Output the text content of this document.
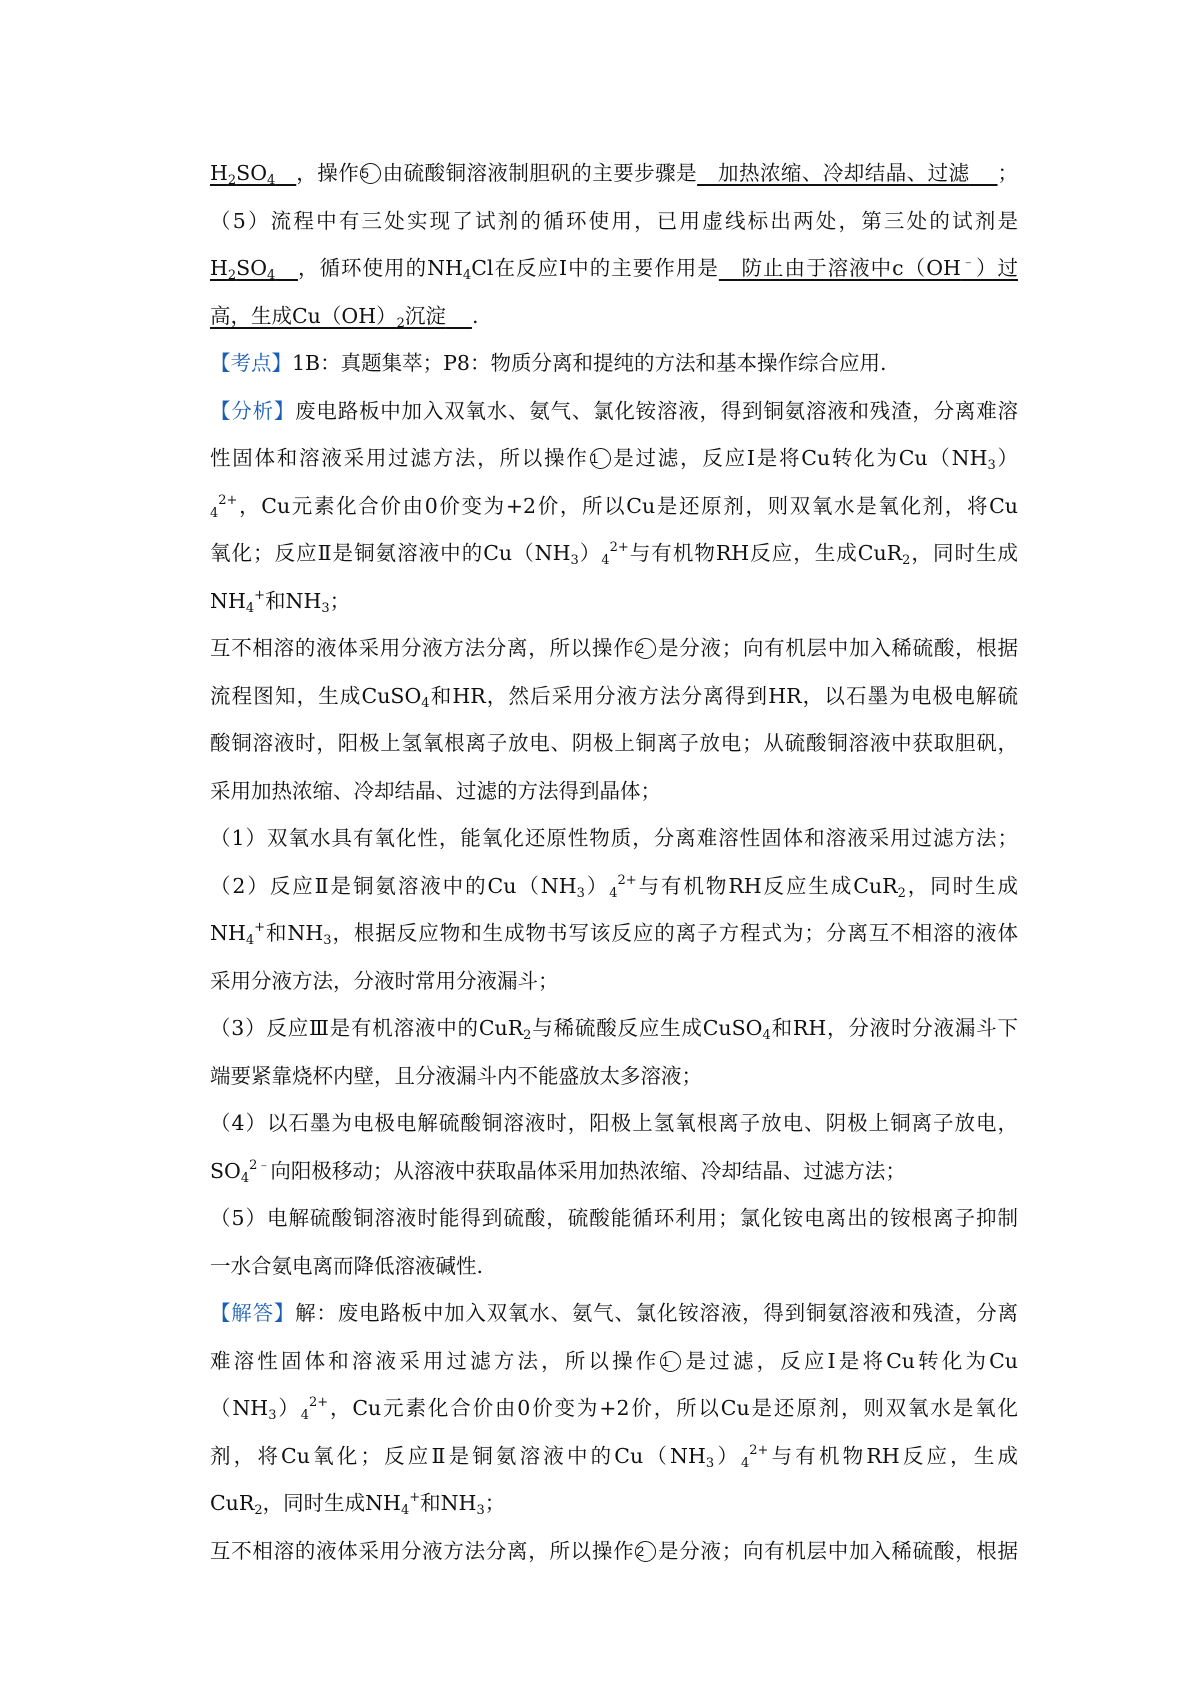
$H_2SO_4$ ，操作 5 由硫酸铜溶液制胆矾的主要步骤是 加热浓缩、冷却结晶、过滤 ；
（5）流程中有三处实现了试剂的循环使用，已用虚线标出两处，第三处的试剂是
$H_2SO_4$ ，循环使用的$NH_4Cl$在反应Ⅰ中的主要作用是 防止由于溶液中c（OH﹣）过
高，生成$Cu(OH)_2$沉淀 .
【考点】1B：真题集萃；P8：物质分离和提纯的方法和基本操作综合应用.
【分析】废电路板中加入双氧水、氨气、氯化铵溶液，得到铜氨溶液和残渣，分离难溶
性固体和溶液采用过滤方法，所以操作 1 是过滤，反应Ⅰ是将Cu转化为$Cu(NH_3)$
$_4^{2+}$，Cu元素化合价由0价变为+2价，所以Cu是还原剂，则双氧水是氧化剂，将Cu
氧化；反应Ⅱ是铜氨溶液中的$Cu(NH_3)_4^{2+}$与有机物RH反应，生成CuR$_2$，同时生成
$NH_4^+$和$NH_3$；
互不相溶的液体采用分液方法分离，所以操作 2 是分液；向有机层中加入稀硫酸，根据
流程图知，生成CuSO$_4$和HR，然后采用分液方法分离得到HR，以石墨为电极电解硫
酸铜溶液时，阳极上氢氧根离子放电、阴极上铜离子放电；从硫酸铜溶液中获取胆矾，
采用加热浓缩、冷却结晶、过滤的方法得到晶体；
（1）双氧水具有氧化性，能氧化还原性物质，分离难溶性固体和溶液采用过滤方法；
（2）反应Ⅱ是铜氨溶液中的$Cu(NH_3)_4^{2+}$与有机物RH反应生成CuR$_2$，同时生成
$NH_4^+$和$NH_3$，根据反应物和生成物书写该反应的离子方程式为；分离互不相溶的液体
采用分液方法，分液时常用分液漏斗；
（3）反应Ⅲ是有机溶液中的CuR$_2$与稀硫酸反应生成CuSO$_4$和RH，分液时分液漏斗下
端要紧靠烧杯内壁，且分液漏斗内不能盛放太多溶液；
（4）以石墨为电极电解硫酸铜溶液时，阳极上氢氧根离子放电、阴极上铜离子放电，
$SO_4^{2﹣}$向阳极移动；从溶液中获取晶体采用加热浓缩、冷却结晶、过滤方法；
（5）电解硫酸铜溶液时能得到硫酸，硫酸能循环利用；氯化铵电离出的铵根离子抑制
一水合氨电离而降低溶液碱性.
【解答】解：废电路板中加入双氧水、氨气、氯化铵溶液，得到铜氨溶液和残渣，分离
难溶性固体和溶液采用过滤方法，所以操作 1 是过滤，反应Ⅰ是将Cu转化为Cu
$(NH_3)_4^{2+}$，Cu元素化合价由0价变为+2价，所以Cu是还原剂，则双氧水是氧化
剂，将Cu氧化；反应Ⅱ是铜氨溶液中的$Cu(NH_3)_4^{2+}$与有机物RH反应，生成
CuR$_2$，同时生成$NH_4^+$和$NH_3$；
互不相溶的液体采用分液方法分离，所以操作 2 是分液；向有机层中加入稀硫酸，根据
